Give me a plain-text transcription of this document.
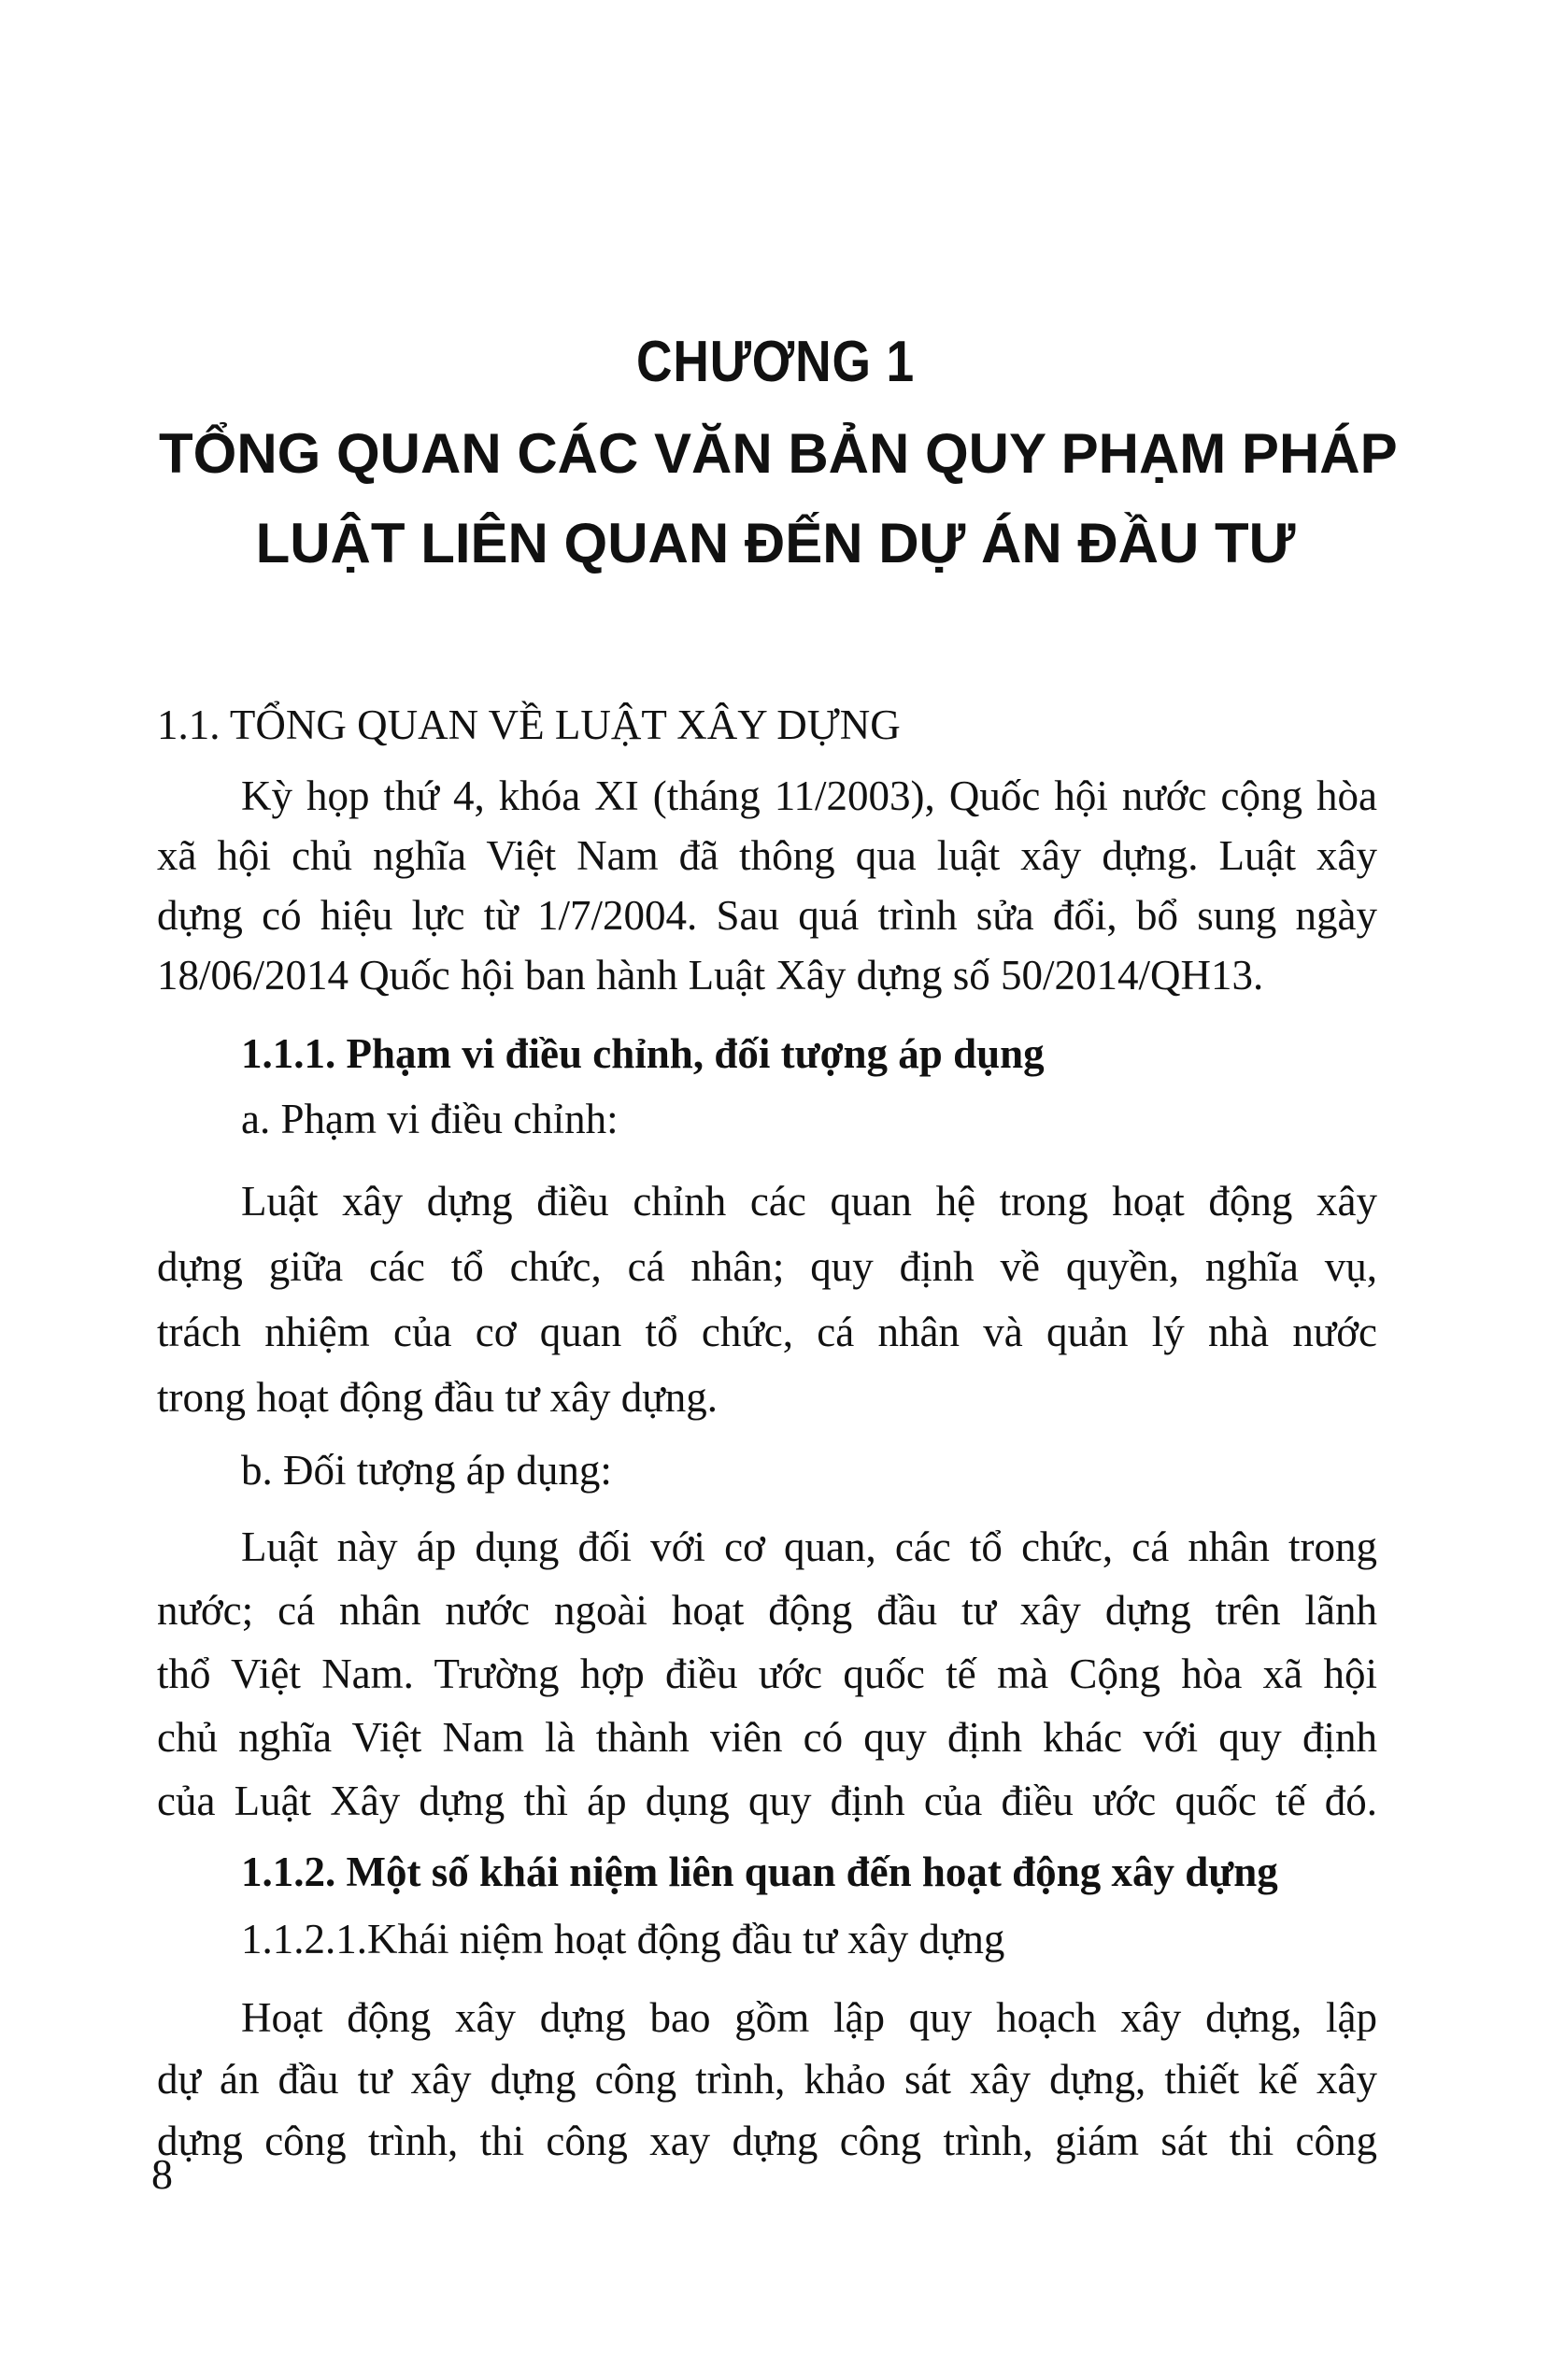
CHƯƠNG 1
TỔNG QUAN CÁC VĂN BẢN QUY PHẠM PHÁP
LUẬT LIÊN QUAN ĐẾN DỰ ÁN ĐẦU TƯ
1.1. TỔNG QUAN VỀ LUẬT XÂY DỰNG
Kỳ họp thứ 4, khóa XI (tháng 11/2003), Quốc hội nước cộng hòa
xã hội chủ nghĩa Việt Nam đã thông qua luật xây dựng. Luật xây
dựng có hiệu lực từ 1/7/2004. Sau quá trình sửa đổi, bổ sung ngày
18/06/2014 Quốc hội ban hành Luật Xây dựng số 50/2014/QH13.
1.1.1. Phạm vi điều chỉnh, đối tượng áp dụng
a. Phạm vi điều chỉnh:
Luật xây dựng điều chỉnh các quan hệ trong hoạt động xây
dựng giữa các tổ chức, cá nhân; quy định về quyền, nghĩa vụ,
trách nhiệm của cơ quan tổ chức, cá nhân và quản lý nhà nước
trong hoạt động đầu tư xây dựng.
b. Đối tượng áp dụng:
Luật này áp dụng đối với cơ quan, các tổ chức, cá nhân trong
nước; cá nhân nước ngoài hoạt động đầu tư xây dựng trên lãnh
thổ Việt Nam. Trường hợp điều ước quốc tế mà Cộng hòa xã hội
chủ nghĩa Việt Nam là thành viên có quy định khác với quy định
của Luật Xây dựng thì áp dụng quy định của điều ước quốc tế đó.
1.1.2. Một số khái niệm liên quan đến hoạt động xây dựng
1.1.2.1.Khái niệm hoạt động đầu tư xây dựng
Hoạt động xây dựng bao gồm lập quy hoạch xây dựng, lập
dự án đầu tư xây dựng công trình, khảo sát xây dựng, thiết kế xây
dựng công trình, thi công xay dựng công trình, giám sát thi công
8
